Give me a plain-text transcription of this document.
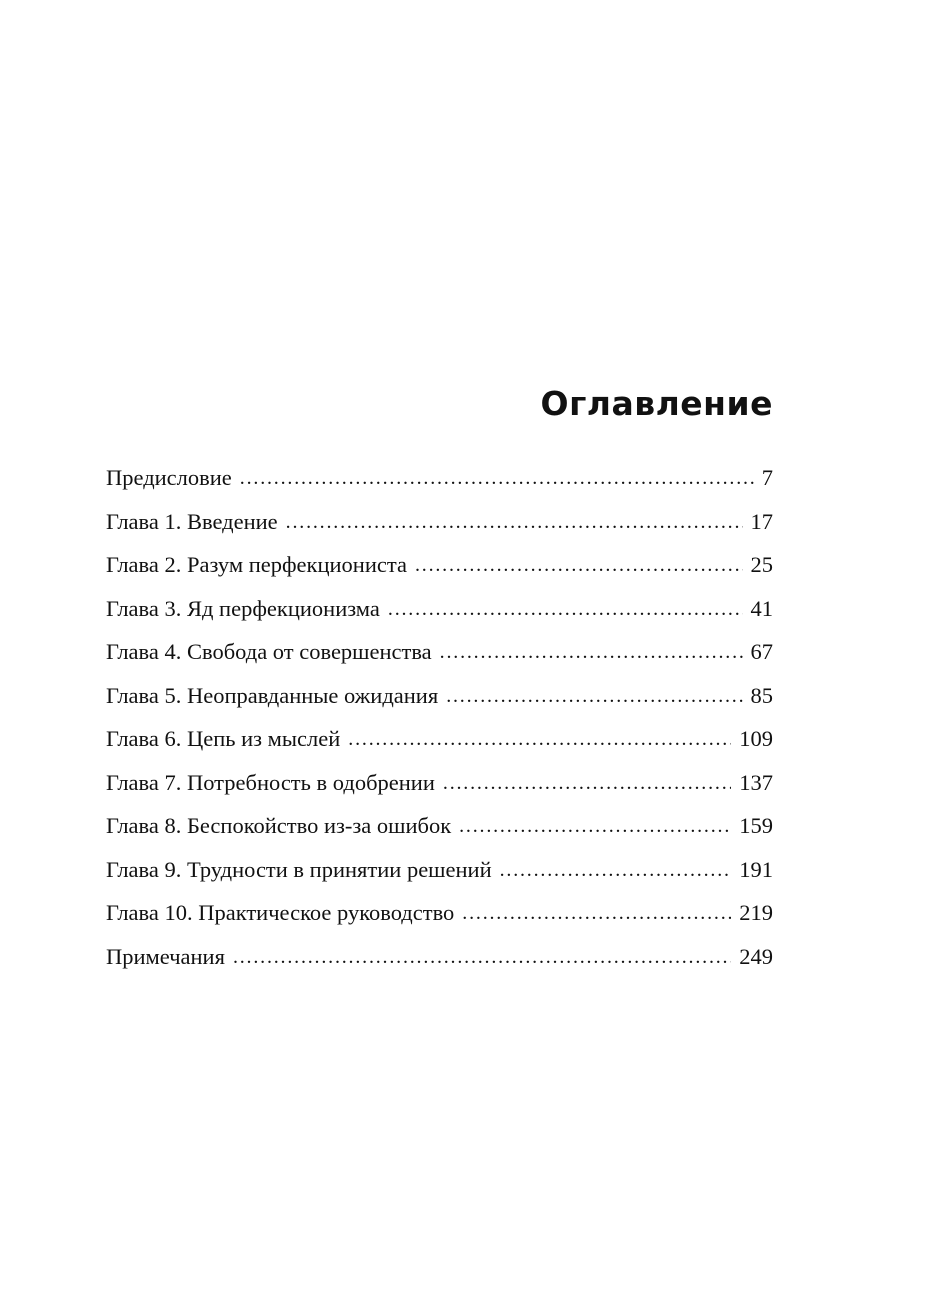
Оглавление
Предисловие . . .	7
Глава 1. Введение . . .	17
Глава 2. Разум перфекциониста . . .	25
Глава 3. Яд перфекционизма . . .	41
Глава 4. Свобода от совершенства . . .	67
Глава 5. Неоправданные ожидания . . .	85
Глава 6. Цепь из мыслей . . .	109
Глава 7. Потребность в одобрении . . .	137
Глава 8. Беспокойство из-за ошибок . . .	159
Глава 9. Трудности в принятии решений . . .	191
Глава 10. Практическое руководство . . .	219
Примечания . . .	249
